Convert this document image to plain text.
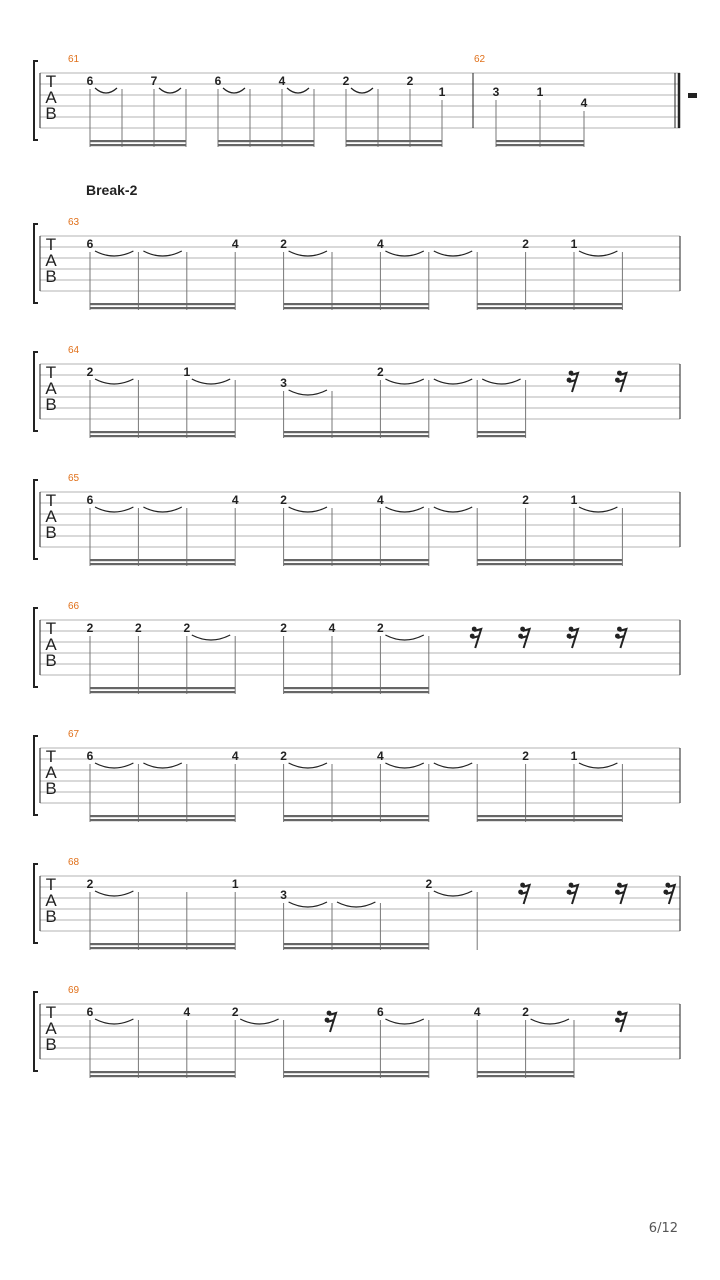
T
A
B
61
6	7	6	4	2	2
1
62
3	1
4
T
A
B
63
6	4	2	4	2	1
T
A
B
64
2	1
3
2
T
A
B
65
6	4	2	4	2	1
T
A
B
66
2	2	2	2	4	2
T
A
B
67
6	4	2	4	2	1
T
A
B
68
2	1
3
2
T
A
B
69
6	4	2	6	4	2
Break-2
6/12
